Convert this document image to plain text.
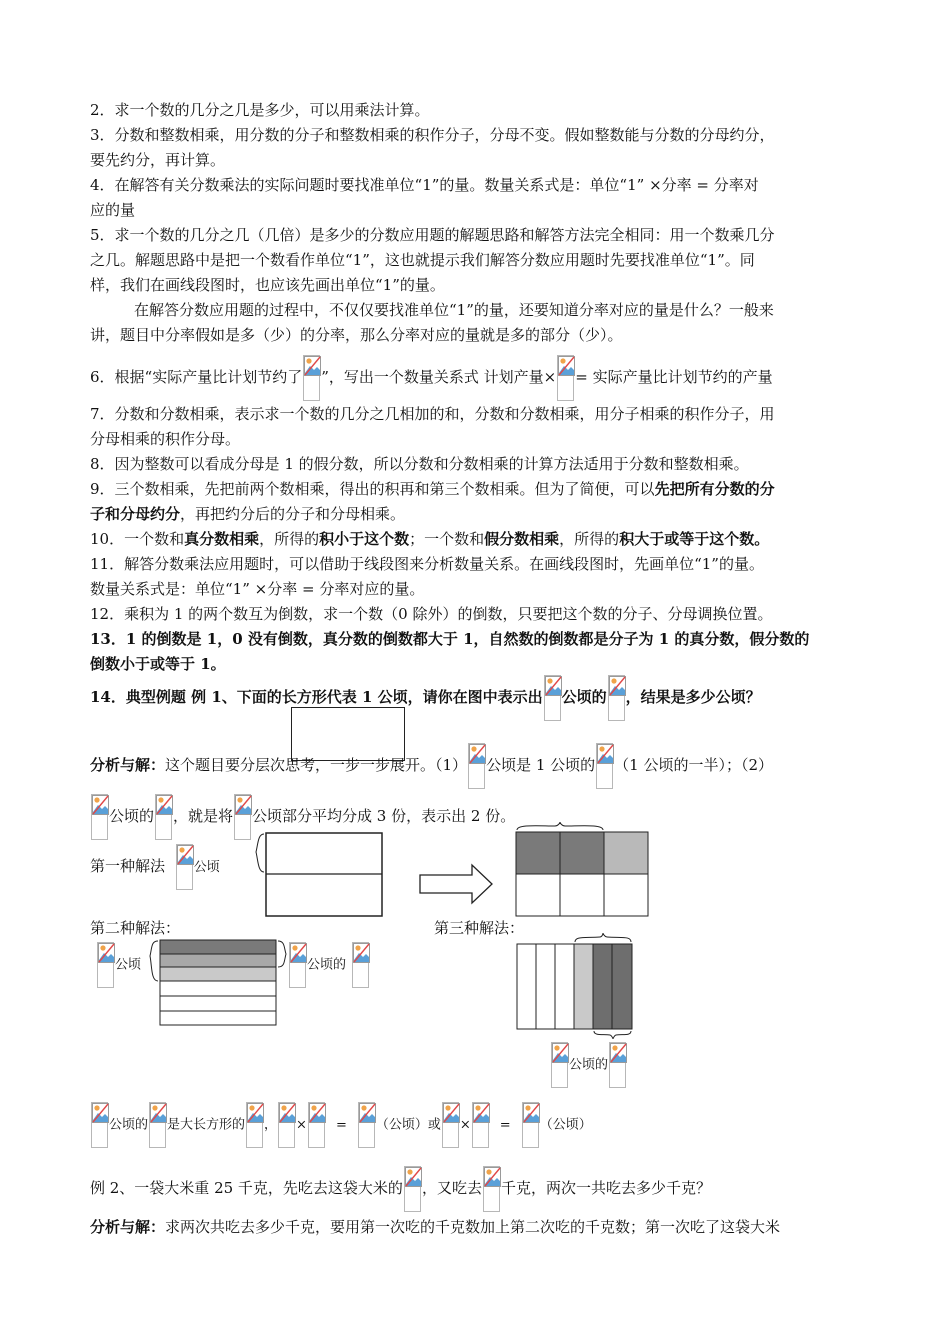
2．求一个数的几分之几是多少，可以用乘法计算。

3．分数和整数相乘，用分数的分子和整数相乘的积作分子，分母不变。假如整数能与分数的分母约分，

要先约分，再计算。

4．在解答有关分数乘法的实际问题时要找准单位“1”的量。数量关系式是：单位“1” ×分率 = 分率对

应的量

5．求一个数的几分之几（几倍）是多少的分数应用题的解题思路和解答方法完全相同：用一个数乘几分

之几。解题思路中是把一个数看作单位“1”，这也就提示我们解答分数应用题时先要找准单位“1”。同

样，我们在画线段图时，也应该先画出单位“1”的量。

在解答分数应用题的过程中，不仅仅要找准单位“1”的量，还要知道分率对应的量是什么？一般来

讲，题目中分率假如是多（少）的分率，那么分率对应的量就是多的部分（少）。

6．根据“实际产量比计划节约了 ”，写出一个数量关系式 计划产量× = 实际产量比计划节约的产量

7．分数和分数相乘，表示求一个数的几分之几相加的和，分数和分数相乘，用分子相乘的积作分子，用

分母相乘的积作分母。

8．因为整数可以看成分母是 1 的假分数，所以分数和分数相乘的计算方法适用于分数和整数相乘。

9．三个数相乘，先把前两个数相乘，得出的积再和第三个数相乘。但为了简便，可以先把所有分数的分

子和分母约分，再把约分后的分子和分母相乘。

10．一个数和真分数相乘，所得的积小于这个数；一个数和假分数相乘，所得的积大于或等于这个数。

11．解答分数乘法应用题时，可以借助于线段图来分析数量关系。在画线段图时，先画单位“1”的量。

数量关系式是：单位“1” ×分率 = 分率对应的量。

12．乘积为 1 的两个数互为倒数，求一个数（0 除外）的倒数，只要把这个数的分子、分母调换位置。

13．1 的倒数是 1，0 没有倒数，真分数的倒数都大于 1，自然数的倒数都是分子为 1 的真分数，假分数的

倒数小于或等于 1。

14．典型例题 例 1、下面的长方形代表 1 公顷，请你在图中表示出 公顷的 ，结果是多少公顷？
分析与解：这个题目要分层次思考，一步一步展开。（1） 公顷是 1 公顷的 （1 公顷的一半）；（2）
公顷的 ，就是将 公顷部分平均分成 3 份，表示出 2 份。
第一种解法 公顷
第二种解法：	第三种解法：
公顷	公顷的
公顷的
公顷的 是大长方形的 ， × = （公顷）或 × = （公顷）
例 2、一袋大米重 25 千克，先吃去这袋大米的 ，又吃去 千克，两次一共吃去多少千克？
分析与解：求两次共吃去多少千克，要用第一次吃的千克数加上第二次吃的千克数；第一次吃了这袋大米
